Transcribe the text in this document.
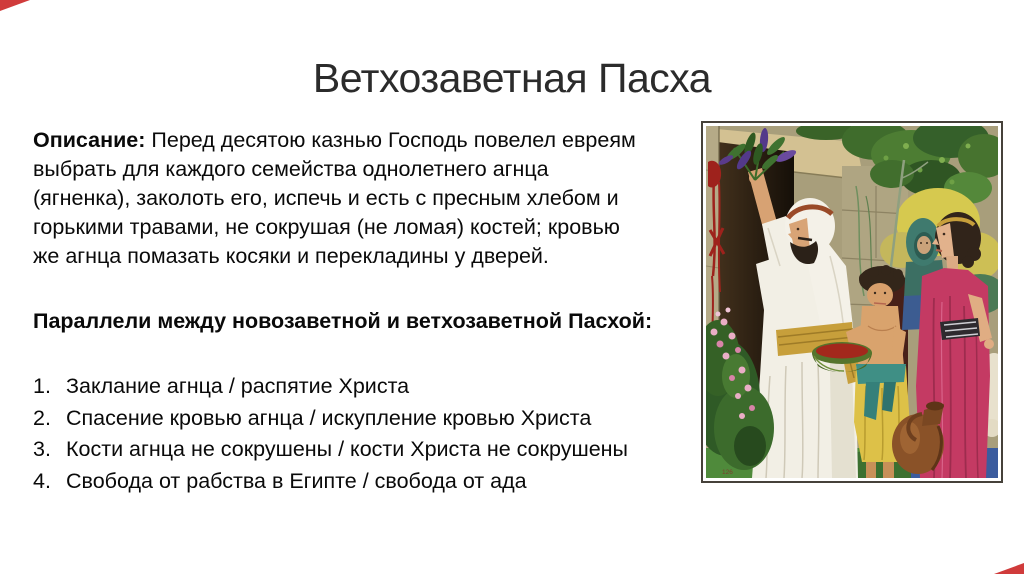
Ветхозаветная Пасха
Описание: Перед десятою казнью Господь повелел евреям
выбрать для каждого семейства однолетнего агнца
(ягненка), заколоть его, испечь и есть с пресным хлебом и
горькими травами, не сокрушая (не ломая) костей; кровью
же агнца помазать косяки и перекладины у дверей.
Параллели между новозаветной и ветхозаветной Пасхой:
1. Заклание агнца / распятие Христа
2. Спасение кровью агнца / искупление кровью Христа
3. Кости агнца не сокрушены / кости Христа не сокрушены
4. Свобода от рабства в Египте / свобода от ада	126
